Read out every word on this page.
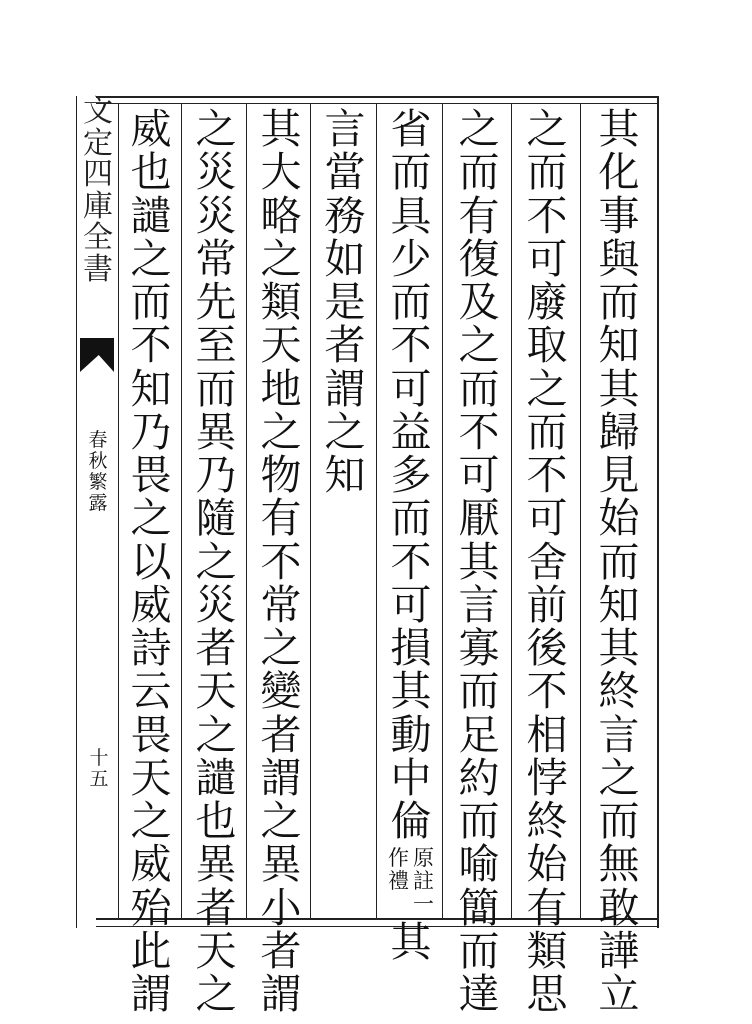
文
定
四
庫
全
書
春
秋
繁
露
十
五
其
化
事
與
而
知
其
歸
見
始
而
知
其
終
言
之
而
無
敢
譁
立
之
而
不
可
廢
取
之
而
不
可
舍
前
後
不
相
悖
終
始
有
類
思
之
而
有
復
及
之
而
不
可
厭
其
言
寡
而
足
約
而
喻
簡
而
達
省
而
具
少
而
不
可
益
多
而
不
可
損
其
動
中
倫
原
註
一
作
禮
其
言
當
務
如
是
者
謂
之
知
其
大
略
之
類
天
地
之
物
有
不
常
之
變
者
謂
之
異
小
者
謂
之
災
災
常
先
至
而
異
乃
隨
之
災
者
天
之
譴
也
異
者
天
之
威
也
譴
之
而
不
知
乃
畏
之
以
威
詩
云
畏
天
之
威
殆
此
謂
